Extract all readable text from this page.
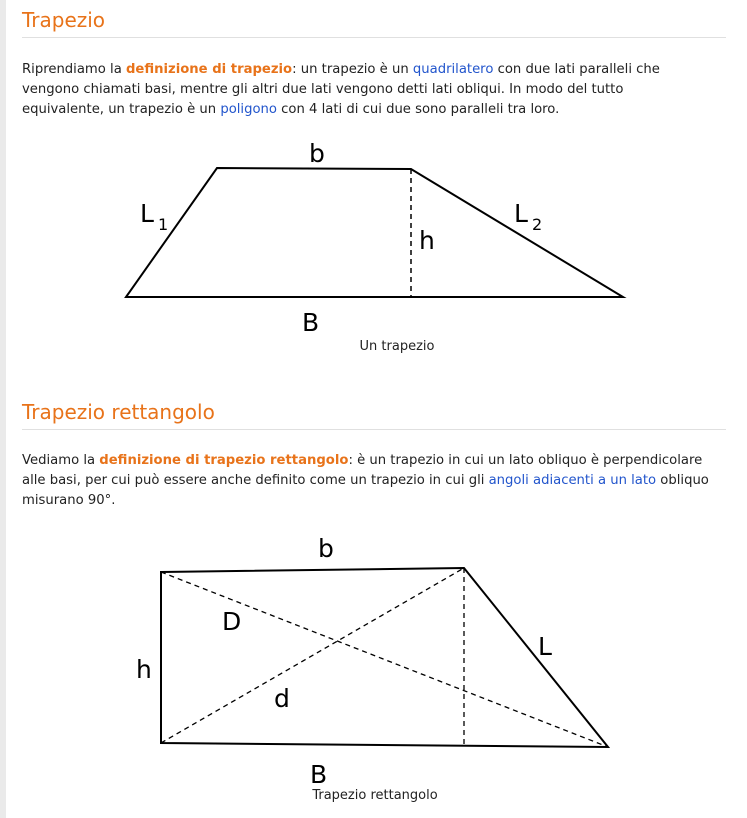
Trapezio

Riprendiamo la definizione di trapezio: un trapezio è un quadrilatero con due lati paralleli che vengono chiamati basi, mentre gli altri due lati vengono detti lati obliqui. In modo del tutto equivalente, un trapezio è un poligono con 4 lati di cui due sono paralleli tra loro.

b
L 1	L 2
h
B
Un trapezio
Trapezio rettangolo

Vediamo la definizione di trapezio rettangolo: è un trapezio in cui un lato obliquo è perpendicolare alle basi, per cui può essere anche definito come un trapezio in cui gli angoli adiacenti a un lato obliquo misurano 90°.

b
D
L
h
d
B
Trapezio rettangolo
